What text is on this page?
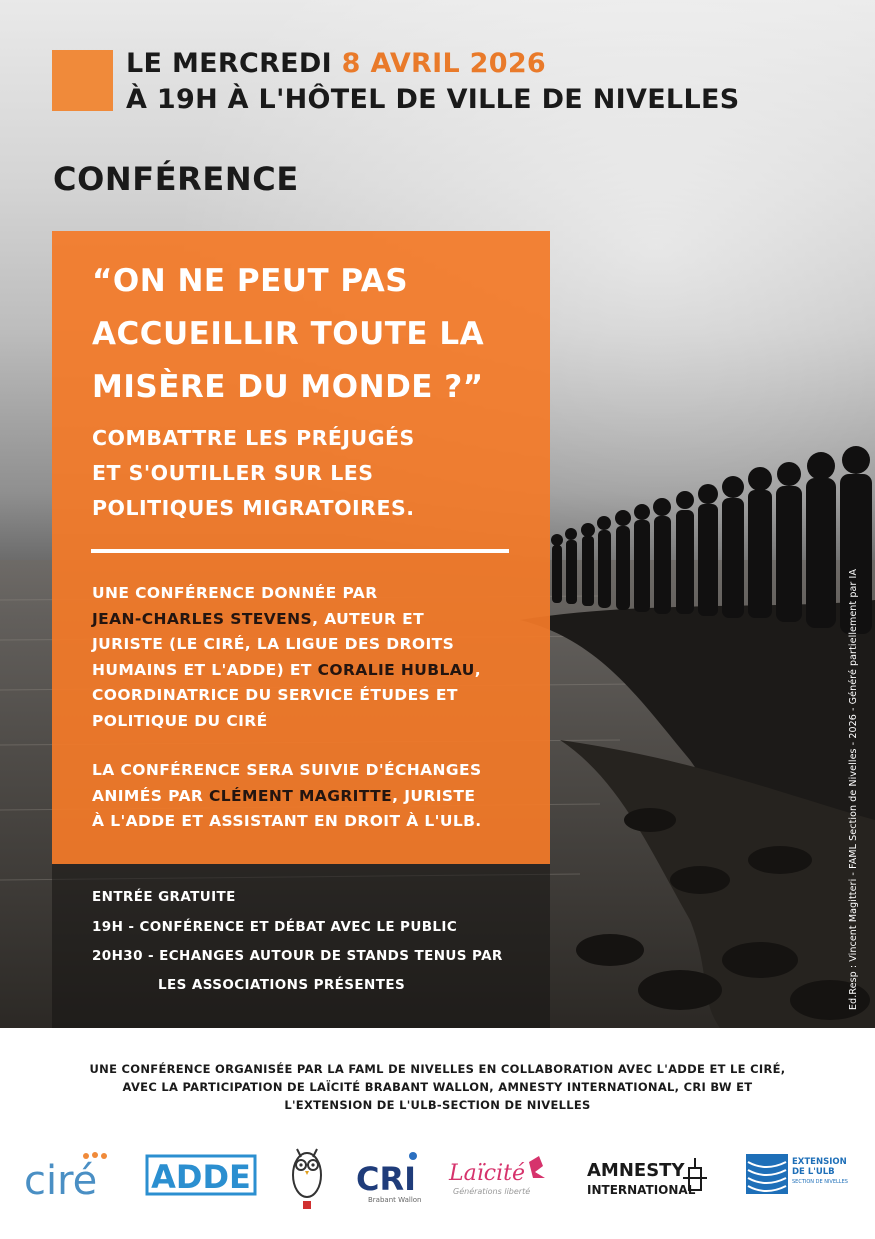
LE MERCREDI 8 AVRIL 2026
À 19H À L'HÔTEL DE VILLE DE NIVELLES
CONFÉRENCE
“ON NE PEUT PAS
ACCUEILLIR TOUTE LA
MISÈRE DU MONDE ?”
COMBATTRE LES PRÉJUGÉS
ET S'OUTILLER SUR LES
POLITIQUES MIGRATOIRES.
UNE CONFÉRENCE DONNÉE PAR
JEAN-CHARLES STEVENS, AUTEUR ET
JURISTE (LE CIRÉ, LA LIGUE DES DROITS
HUMAINS ET L'ADDE) ET CORALIE HUBLAU,
COORDINATRICE DU SERVICE ÉTUDES ET
POLITIQUE DU CIRÉ
LA CONFÉRENCE SERA SUIVIE D'ÉCHANGES
ANIMÉS PAR CLÉMENT MAGRITTE, JURISTE
À L'ADDE ET ASSISTANT EN DROIT À L'ULB.
ENTRÉE GRATUITE
19H - CONFÉRENCE ET DÉBAT AVEC LE PUBLIC
20H30 - ECHANGES AUTOUR DE STANDS TENUS PAR
LES ASSOCIATIONS PRÉSENTES	Ed.Resp : Vincent Magitteri - FAML Section de Nivelles - 2026 - Généré partiellement par IA
UNE CONFÉRENCE ORGANISÉE PAR LA FAML DE NIVELLES EN COLLABORATION AVEC L'ADDE ET LE CIRÉ,
AVEC LA PARTICIPATION DE LAÏCITÉ BRABANT WALLON, AMNESTY INTERNATIONAL, CRI BW ET
L'EXTENSION DE L'ULB-SECTION DE NIVELLES
ciré ADDE	CRI
Brabant Wallon
Laïcité
Générations liberté
AMNESTY
INTERNATIONAL
EXTENSION
DE L'ULB
SECTION DE NIVELLES
